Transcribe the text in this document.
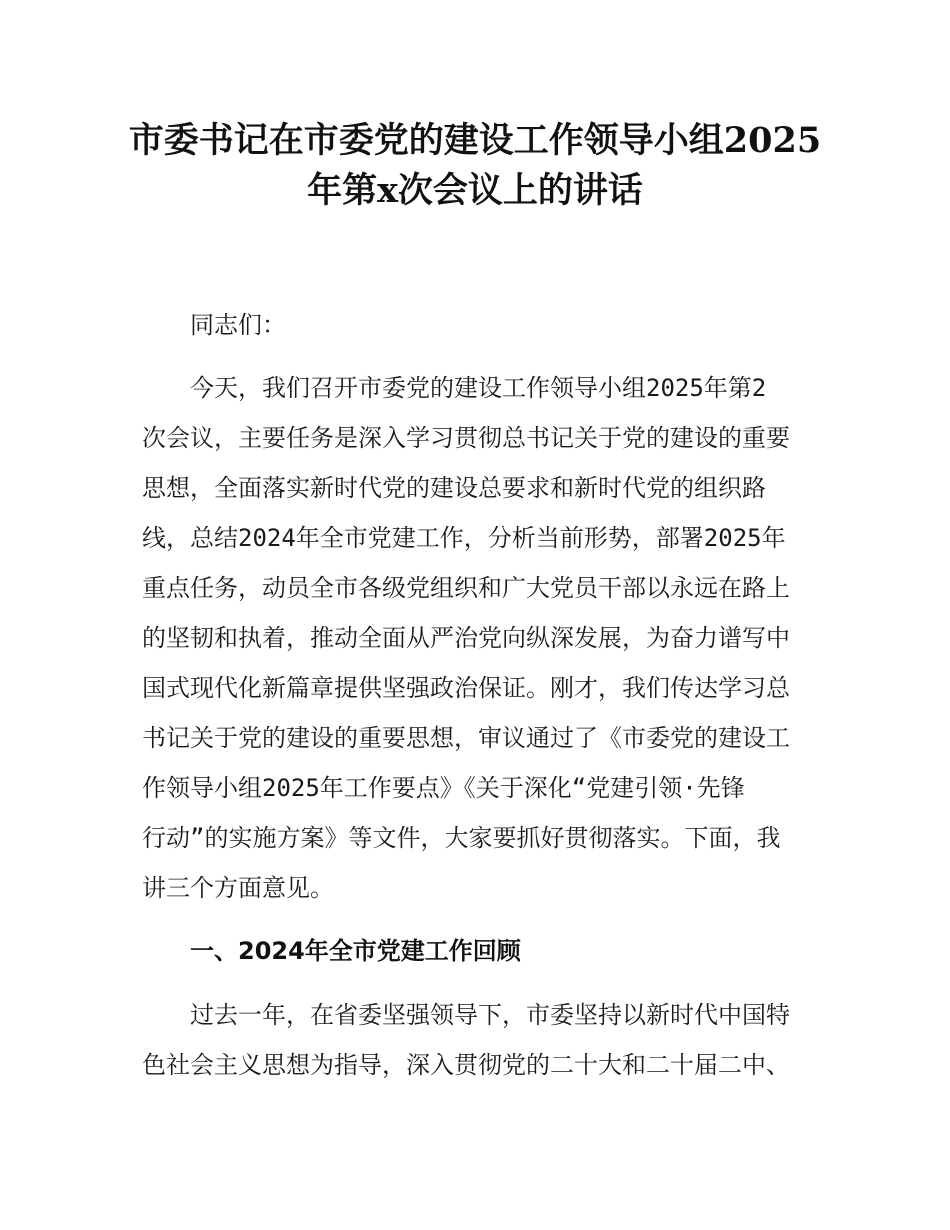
市委书记在市委党的建设工作领导小组2025
年第x次会议上的讲话

同志们：

今天，我们召开市委党的建设工作领导小组2025年第2

次会议，主要任务是深入学习贯彻总书记关于党的建设的重要

思想，全面落实新时代党的建设总要求和新时代党的组织路

线，总结2024年全市党建工作，分析当前形势，部署2025年

重点任务，动员全市各级党组织和广大党员干部以永远在路上

的坚韧和执着，推动全面从严治党向纵深发展，为奋力谱写中

国式现代化新篇章提供坚强政治保证。刚才，我们传达学习总

书记关于党的建设的重要思想，审议通过了《市委党的建设工

作领导小组2025年工作要点》《关于深化“党建引领·先锋

行动”的实施方案》等文件，大家要抓好贯彻落实。下面，我

讲三个方面意见。

一、2024年全市党建工作回顾

过去一年，在省委坚强领导下，市委坚持以新时代中国特

色社会主义思想为指导，深入贯彻党的二十大和二十届二中、
